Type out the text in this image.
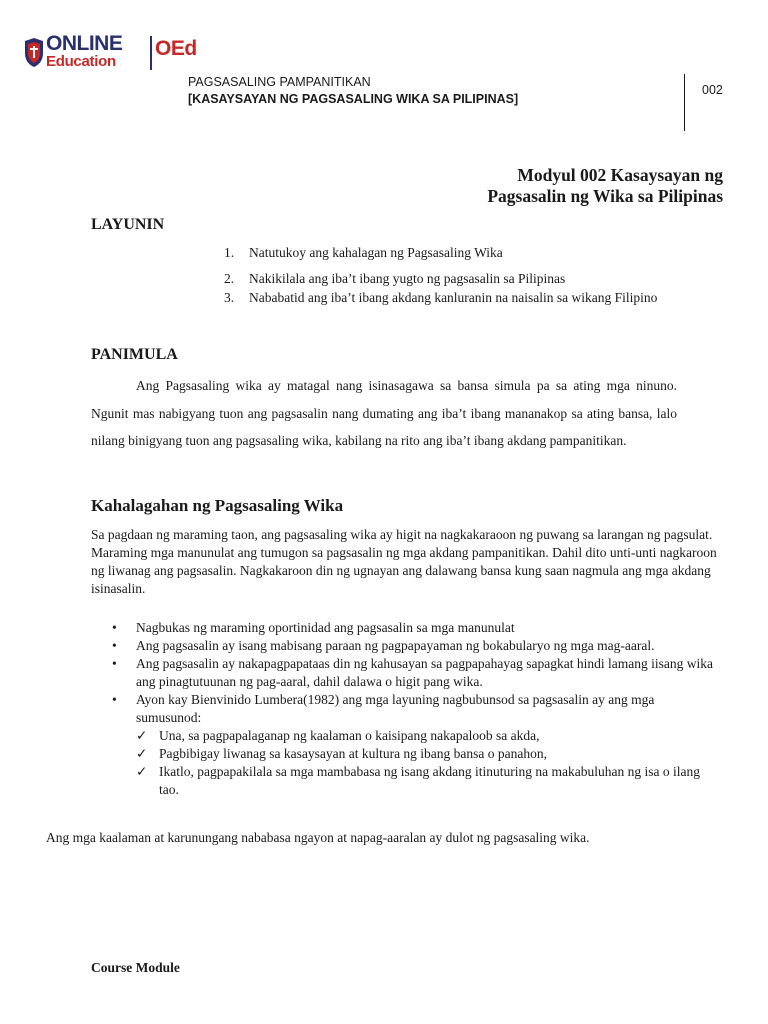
ONLINE
Education
OEd
PAGSASALING PAMPANITIKAN
[KASAYSAYAN NG PAGSASALING WIKA SA PILIPINAS]
002
Modyul 002 Kasaysayan ng
Pagsasalin ng Wika sa Pilipinas
LAYUNIN
1. Natutukoy ang kahalagan ng Pagsasaling Wika
2. Nakikilala ang iba’t ibang yugto ng pagsasalin sa Pilipinas
3. Nababatid ang iba’t ibang akdang kanluranin na naisalin sa wikang Filipino
PANIMULA

Ang Pagsasaling wika ay matagal nang isinasagawa sa bansa simula pa sa ating mga ninuno. Ngunit mas nabigyang tuon ang pagsasalin nang dumating ang iba’t ibang mananakop sa ating bansa, lalo nilang binigyang tuon ang pagsasaling wika, kabilang na rito ang iba’t ibang akdang pampanitikan.

Kahalagahan ng Pagsasaling Wika

Sa pagdaan ng maraming taon, ang pagsasaling wika ay higit na nagkakaraoon ng puwang sa larangan ng pagsulat. Maraming mga manunulat ang tumugon sa pagsasalin ng mga akdang pampanitikan. Dahil dito unti-unti nagkaroon ng liwanag ang pagsasalin. Nagkakaroon din ng ugnayan ang dalawang bansa kung saan nagmula ang mga akdang isinasalin.

• Nagbukas ng maraming oportinidad ang pagsasalin sa mga manunulat
• Ang pagsasalin ay isang mabisang paraan ng pagpapayaman ng bokabularyo ng mga mag-aaral.
• Ang pagsasalin ay nakapagpapataas din ng kahusayan sa pagpapahayag sapagkat hindi lamang iisang wika ang pinagtutuunan ng pag-aaral, dahil dalawa o higit pang wika.
• Ayon kay Bienvinido Lumbera(1982) ang mga layuning nagbubunsod sa pagsasalin ay ang mga sumusunod:
✓ Una, sa pagpapalaganap ng kaalaman o kaisipang nakapaloob sa akda,
✓ Pagbibigay liwanag sa kasaysayan at kultura ng ibang bansa o panahon,
✓ Ikatlo, pagpapakilala sa mga mambabasa ng isang akdang itinuturing na makabuluhan ng isa o ilang tao.

Ang mga kaalaman at karunungang nababasa ngayon at napag-aaralan ay dulot ng pagsasaling wika.

Course Module
